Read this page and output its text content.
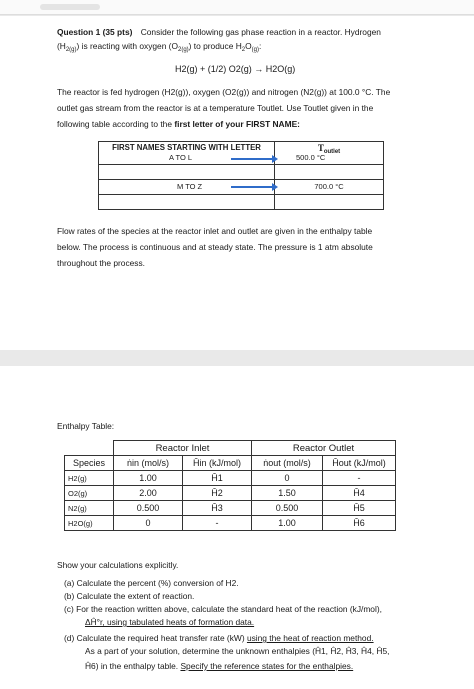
Question 1 (35 pts) Consider the following gas phase reaction in a reactor. Hydrogen
$(H_{2(g)})$ is reacting with oxygen $(O_{2(g)})$ to produce $H_2O_{(g)}$:
H2(g) + (1/2) O2(g) → H2O(g)
The reactor is fed hydrogen (H2(g)), oxygen (O2(g)) and nitrogen (N2(g)) at 100.0 °C. The
outlet gas stream from the reactor is at a temperature Toutlet. Use Toutlet given in the
following table according to the first letter of your FIRST NAME:
FIRST NAMES STARTING WITH LETTER	$T_{outlet}$
A TO L	500.0 °C
M TO Z	700.0 °C
Flow rates of the species at the reactor inlet and outlet are given in the enthalpy table
below. The process is continuous and at steady state. The pressure is 1 atm absolute
throughout the process.
Enthalpy Table:
	Reactor Inlet		Reactor Outlet	
Species	ṅin (mol/s)	Ĥin (kJ/mol)	ṅout (mol/s)	Ĥout (kJ/mol)
H2(g)	1.00	Ĥ1	0	-
O2(g)	2.00	Ĥ2	1.50	Ĥ4
N2(g)	0.500	Ĥ3	0.500	Ĥ5
H2O(g)	0	-	1.00	Ĥ6
Show your calculations explicitly.
(a) Calculate the percent (%) conversion of H2.
(b) Calculate the extent of reaction.
(c) For the reaction written above, calculate the standard heat of the reaction (kJ/mol),
ΔĤ°r, using tabulated heats of formation data.
(d) Calculate the required heat transfer rate (kW) using the heat of reaction method.
As a part of your solution, determine the unknown enthalpies (Ĥ1, Ĥ2, Ĥ3, Ĥ4, Ĥ5,
Ĥ6) in the enthalpy table. Specify the reference states for the enthalpies.
